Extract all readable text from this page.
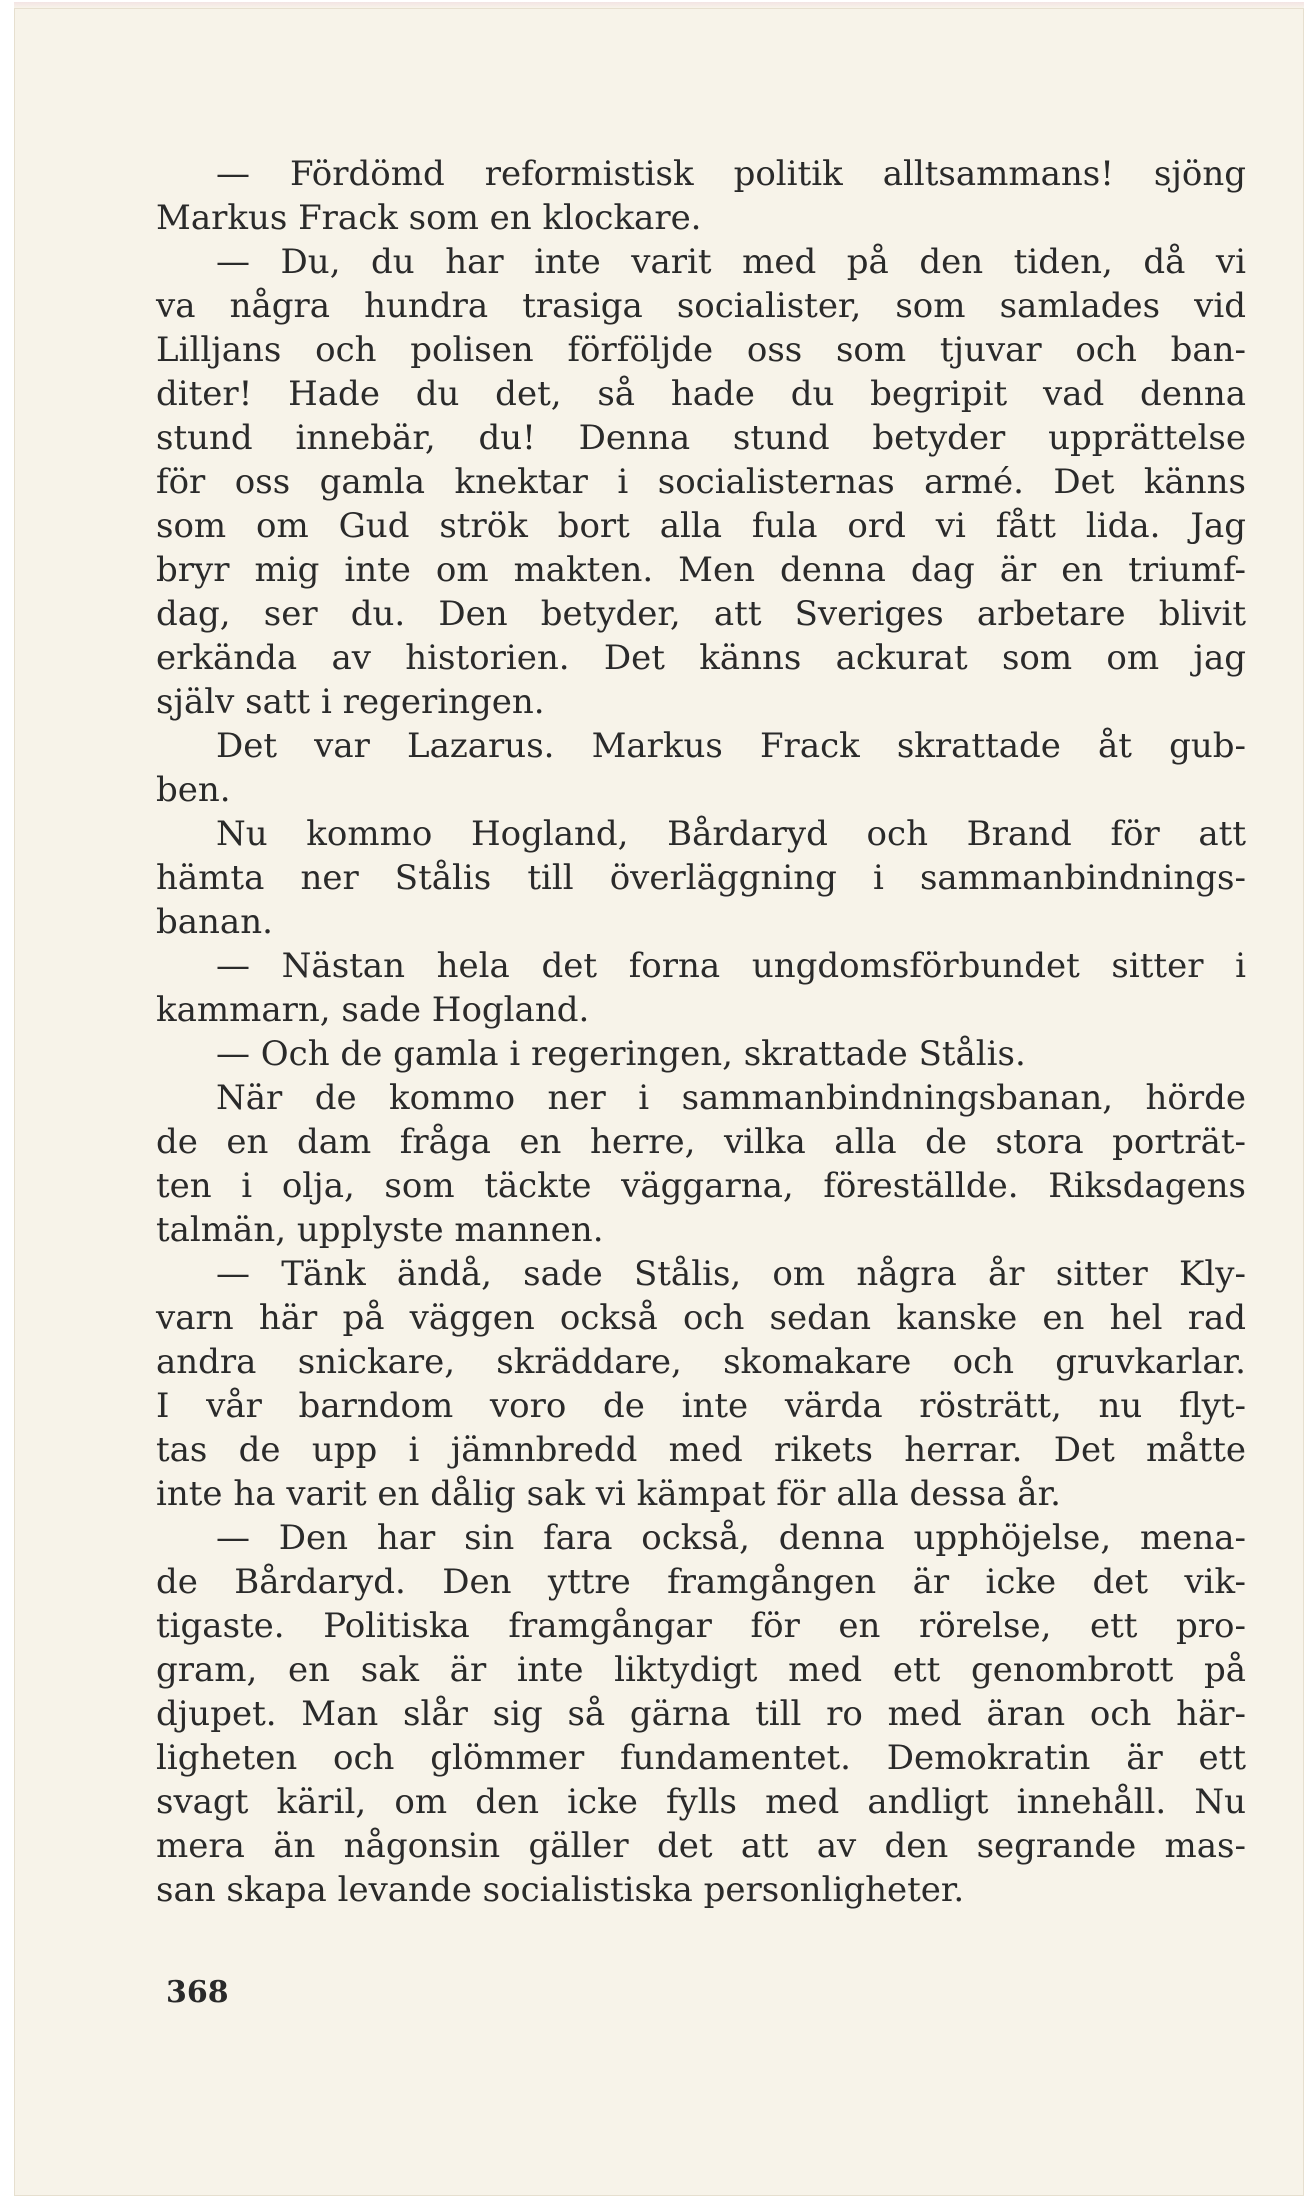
— Fördömd reformistisk politik alltsammans! sjöng
Markus Frack som en klockare.
— Du, du har inte varit med på den tiden, då vi
va några hundra trasiga socialister, som samlades vid
Lilljans och polisen förföljde oss som tjuvar och ban-
diter! Hade du det, så hade du begripit vad denna
stund innebär, du! Denna stund betyder upprättelse
för oss gamla knektar i socialisternas armé. Det känns
som om Gud strök bort alla fula ord vi fått lida. Jag
bryr mig inte om makten. Men denna dag är en triumf-
dag, ser du. Den betyder, att Sveriges arbetare blivit
erkända av historien. Det känns ackurat som om jag
själv satt i regeringen.
Det var Lazarus. Markus Frack skrattade åt gub-
ben.
Nu kommo Hogland, Bårdaryd och Brand för att
hämta ner Stålis till överläggning i sammanbindnings-
banan.
— Nästan hela det forna ungdomsförbundet sitter i
kammarn, sade Hogland.
— Och de gamla i regeringen, skrattade Stålis.
När de kommo ner i sammanbindningsbanan, hörde
de en dam fråga en herre, vilka alla de stora porträt-
ten i olja, som täckte väggarna, föreställde. Riksdagens
talmän, upplyste mannen.
— Tänk ändå, sade Stålis, om några år sitter Kly-
varn här på väggen också och sedan kanske en hel rad
andra snickare, skräddare, skomakare och gruvkarlar.
I vår barndom voro de inte värda rösträtt, nu flyt-
tas de upp i jämnbredd med rikets herrar. Det måtte
inte ha varit en dålig sak vi kämpat för alla dessa år.
— Den har sin fara också, denna upphöjelse, mena-
de Bårdaryd. Den yttre framgången är icke det vik-
tigaste. Politiska framgångar för en rörelse, ett pro-
gram, en sak är inte liktydigt med ett genombrott på
djupet. Man slår sig så gärna till ro med äran och här-
ligheten och glömmer fundamentet. Demokratin är ett
svagt käril, om den icke fylls med andligt innehåll. Nu
mera än någonsin gäller det att av den segrande mas-
san skapa levande socialistiska personligheter.
368
